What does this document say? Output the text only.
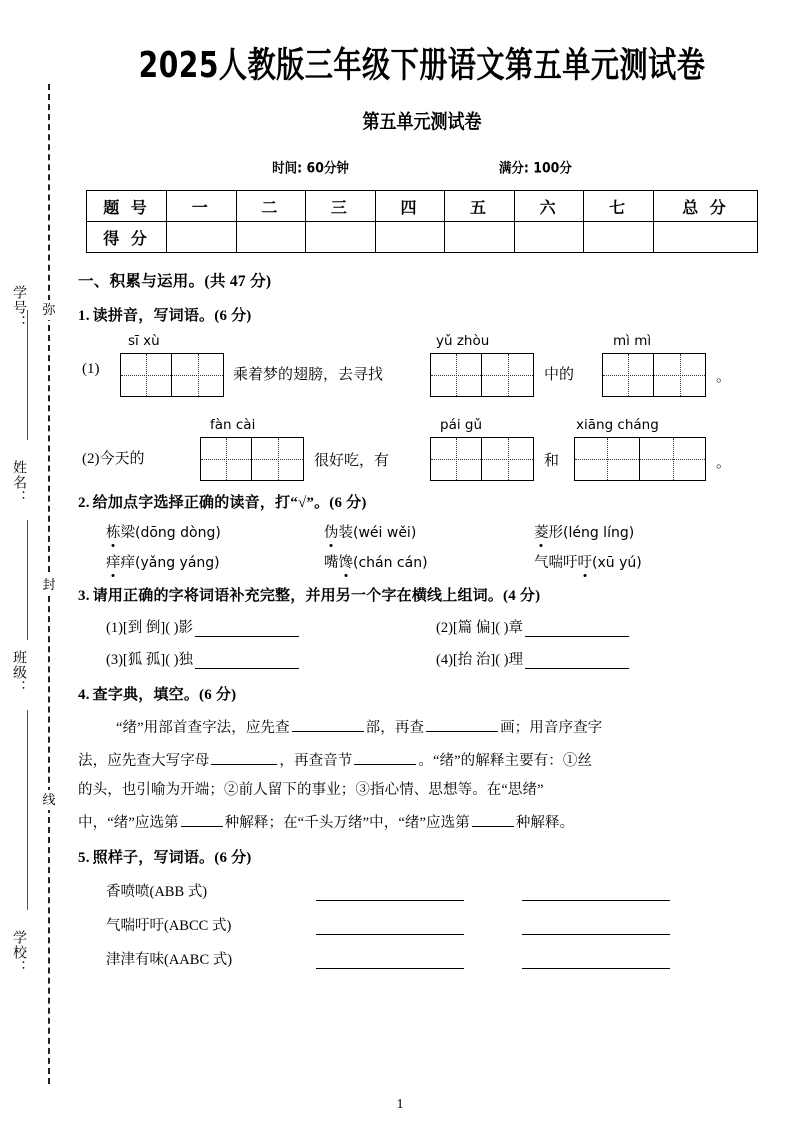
学号：
姓名：
班级：
学校：
弥
封
线
2025人教版三年级下册语文第五单元测试卷
第五单元测试卷
时间: 60分钟	满分: 100分
题 号	一	二	三	四	五	六	七	总 分
得 分								
一、积累与运用。(共 47 分)
1. 读拼音，写词语。(6 分)
(1)
sī xù
乘着梦的翅膀，去寻找
yǔ zhòu
中的
mì mì
。
(2)今天的
fàn cài
很好吃，有
pái gǔ
和
xiāng cháng
。
2. 给加点字选择正确的读音，打“√”。(6 分)
栋梁(dōng dòng)	伪装(wéi wěi)	菱形(léng líng)
痒痒(yǎng yáng)	嘴馋(chán cán)	气喘吁吁(xū yú)
3. 请用正确的字将词语补充完整，并用另一个字在横线上组词。(4 分)
(1) [到 倒] ( ) 影	(2) [篇 偏] ( ) 章
(3) [狐 孤] ( ) 独	(4) [抬 治] ( ) 理
4. 查字典，填空。(6 分)
“绪”用部首查字法，应先查	部，再查	画；用音序查字
法，应先查大写字母	，再查音节	。“绪”的解释主要有：①丝
的头，也引喻为开端；②前人留下的事业；③指心情、思想等。在“思绪”
中，“绪”应选第	种解释；在“千头万绪”中，“绪”应选第	种解释。
5. 照样子，写词语。(6 分)
香喷喷(ABB 式)
气喘吁吁(ABCC 式)
津津有味(AABC 式)
1
